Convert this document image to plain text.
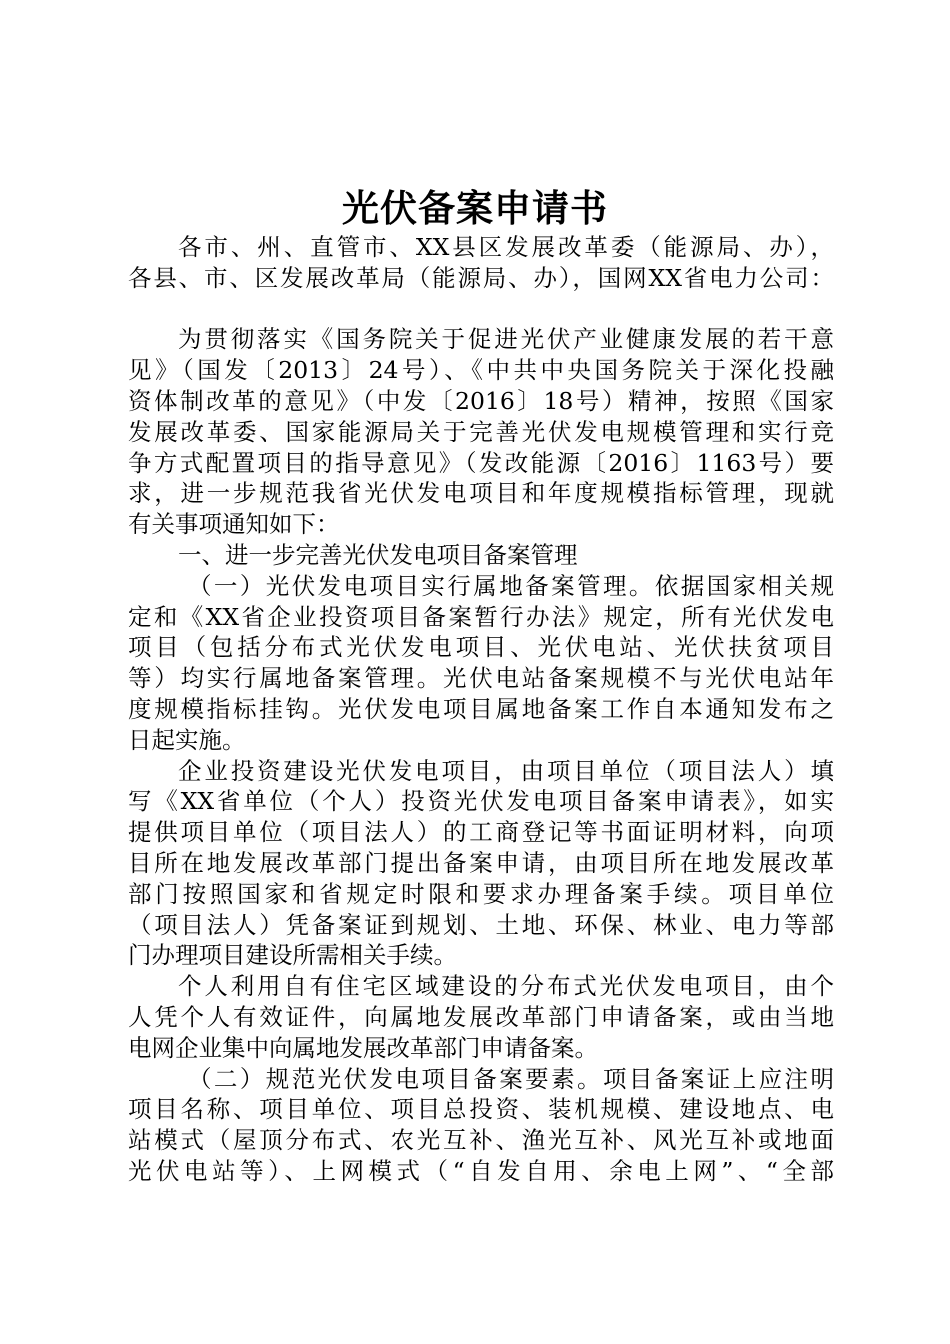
光伏备案申请书
各市、州、直管市、XX县区发展改革委（能源局、办），
各县、市、区发展改革局（能源局、办），国网XX省电力公司：
为贯彻落实《国务院关于促进光伏产业健康发展的若干意
见》（国发〔2013〕24号）、《中共中央国务院关于深化投融
资体制改革的意见》（中发〔2016〕18号）精神，按照《国家
发展改革委、国家能源局关于完善光伏发电规模管理和实行竞
争方式配置项目的指导意见》（发改能源〔2016〕1163号）要
求，进一步规范我省光伏发电项目和年度规模指标管理，现就
有关事项通知如下：
一、进一步完善光伏发电项目备案管理
（一）光伏发电项目实行属地备案管理。依据国家相关规
定和《XX省企业投资项目备案暂行办法》规定，所有光伏发电
项目（包括分布式光伏发电项目、光伏电站、光伏扶贫项目
等）均实行属地备案管理。光伏电站备案规模不与光伏电站年
度规模指标挂钩。光伏发电项目属地备案工作自本通知发布之
日起实施。
企业投资建设光伏发电项目，由项目单位（项目法人）填
写《XX省单位（个人）投资光伏发电项目备案申请表》，如实
提供项目单位（项目法人）的工商登记等书面证明材料，向项
目所在地发展改革部门提出备案申请，由项目所在地发展改革
部门按照国家和省规定时限和要求办理备案手续。项目单位
（项目法人）凭备案证到规划、土地、环保、林业、电力等部
门办理项目建设所需相关手续。
个人利用自有住宅区域建设的分布式光伏发电项目，由个
人凭个人有效证件，向属地发展改革部门申请备案，或由当地
电网企业集中向属地发展改革部门申请备案。
（二）规范光伏发电项目备案要素。项目备案证上应注明
项目名称、项目单位、项目总投资、装机规模、建设地点、电
站模式（屋顶分布式、农光互补、渔光互补、风光互补或地面
光伏电站等）、上网模式（“自发自用、余电上网”、“全部
